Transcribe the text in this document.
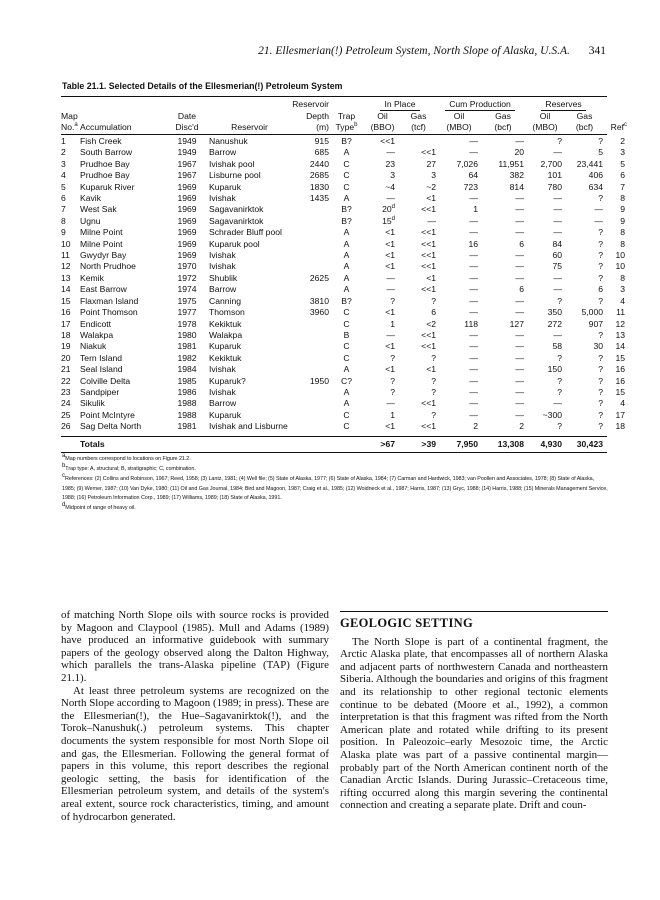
21. Ellesmerian(!) Petroleum System, North Slope of Alaska, U.S.A. 341
Table 21.1. Selected Details of the Ellesmerian(!) Petroleum System
			Reservoir			In Place		Cum Production		Reserves		
Map		Date		Depth	Trap	Oil	Gas	Oil	Gas	Oil	Gas	
No.$^a$	Accumulation	Disc'd	Reservoir	(m)	Type$^b$	(BBO)	(tcf)	(MBO)	(bcf)	(MBO)	(bcf)	Ref$^c$
1	Fish Creek	1949	Nanushuk	915	B?	<<1		—	—	?	?	2
2	South Barrow	1949	Barrow	685	A	—	<<1	—	20	—	5	3
3	Prudhoe Bay	1967	Ivishak pool	2440	C	23	27	7,026	11,951	2,700	23,441	5
4	Prudhoe Bay	1967	Lisburne pool	2685	C	3	3	64	382	101	406	6
5	Kuparuk River	1969	Kuparuk	1830	C	~4	~2	723	814	780	634	7
6	Kavik	1969	Ivishak	1435	A	—	<1	—	—	—	?	8
7	West Sak	1969	Sagavanirktok		B?	$20^d$	<<1	1	—	—	—	9
8	Ugnu	1969	Sagavanirktok		B?	15$^d$	—	—	—	—	—	9
9	Milne Point	1969	Schrader Bluff pool		A	<1	<<1	—	—	—	?	8
10	Milne Point	1969	Kuparuk pool		A	<1	<<1	16	6	84	?	8
11	Gwydyr Bay	1969	Ivishak		A	<1	<<1	—	—	60	?	10
12	North Prudhoe	1970	Ivishak		A	<1	<<1	—	—	75	?	10
13	Kemik	1972	Shublik	2625	A	—	<1	—	—	—	?	8
14	East Barrow	1974	Barrow		A	—	<<1	—	6	—	6	3
15	Flaxman Island	1975	Canning	3810	B?	?	?	—	—	?	?	4
16	Point Thomson	1977	Thomson	3960	C	<1	6	—	—	350	5,000	11
17	Endicott	1978	Kekiktuk		C	1	<2	118	127	272	907	12
18	Walakpa	1980	Walakpa		B	—	<<1	—	—	—	?	13
19	Niakuk	1981	Kuparuk		C	<1	<<1	—	—	58	30	14
20	Tern Island	1982	Kekiktuk		C	?	?	—	—	?	?	15
21	Seal Island	1984	Ivishak		A	<1	<1	—	—	150	?	16
22	Colville Delta	1985	Kuparuk?	1950	C?	?	?	—	—	?	?	16
23	Sandpiper	1986	Ivishak		A	?	?	—	—	?	?	15
24	Sikulik	1988	Barrow		A	—	<<1	—	—	—	?	4
25	Point McIntyre	1988	Kuparuk		C	1	?	—	—	~300	?	17
26	Sag Delta North	1981	Ivishak and Lisburne		C	<1	<<1	2	2	?	?	18
	Totals					>67	>39	7,950	13,308	4,930	30,423	

aMap numbers correspond to locations on Figure 21.2.

bTrap type: A, structural; B, stratigraphic; C, combination.

cReferences: (2) Collins and Robinson, 1967; Reed, 1958; (3) Lantz, 1981; (4) Well file; (5) State of Alaska, 1977; (6) State of Alaska, 1984; (7) Carman and Hardwick, 1983; van Poollen and Associates, 1978; (8) State of Alaska, 1985; (9) Werner, 1987; (10) Van Dyke, 1980; (11) Oil and Gas Journal, 1984; Bird and Magoon, 1987; Craig et al., 1985; (12) Woidneck et al., 1987; Harris, 1987; (13) Gryc, 1988; (14) Harris, 1988; (15) Minerals Management Service, 1988; (16) Petroleum Information Corp., 1989; (17) Williams, 1989; (18) State of Alaska, 1991.

dMidpoint of range of heavy oil.

of matching North Slope oils with source rocks is provided by Magoon and Claypool (1985). Mull and Adams (1989) have produced an informative guidebook with summary papers of the geology observed along the Dalton Highway, which parallels the trans-Alaska pipeline (TAP) (Figure 21.1).

At least three petroleum systems are recognized on the North Slope according to Magoon (1989; in press). These are the Ellesmerian(!), the Hue–Sagavanirktok(!), and the Torok–Nanushuk(.) petroleum systems. This chapter documents the system responsible for most North Slope oil and gas, the Ellesmerian. Following the general format of papers in this volume, this report describes the regional geologic setting, the basis for identification of the Ellesmerian petroleum system, and details of the system's areal extent, source rock characteristics, timing, and amount of hydrocarbon generated.

GEOLOGIC SETTING

The North Slope is part of a continental fragment, the Arctic Alaska plate, that encompasses all of northern Alaska and adjacent parts of northwestern Canada and northeastern Siberia. Although the boundaries and origins of this fragment and its relationship to other regional tectonic elements continue to be debated (Moore et al., 1992), a common interpretation is that this fragment was rifted from the North American plate and rotated while drifting to its present position. In Paleozoic–early Mesozoic time, the Arctic Alaska plate was part of a passive continental margin—probably part of the North American continent north of the Canadian Arctic Islands. During Jurassic–Cretaceous time, rifting occurred along this margin severing the continental connection and creating a separate plate. Drift and coun-
